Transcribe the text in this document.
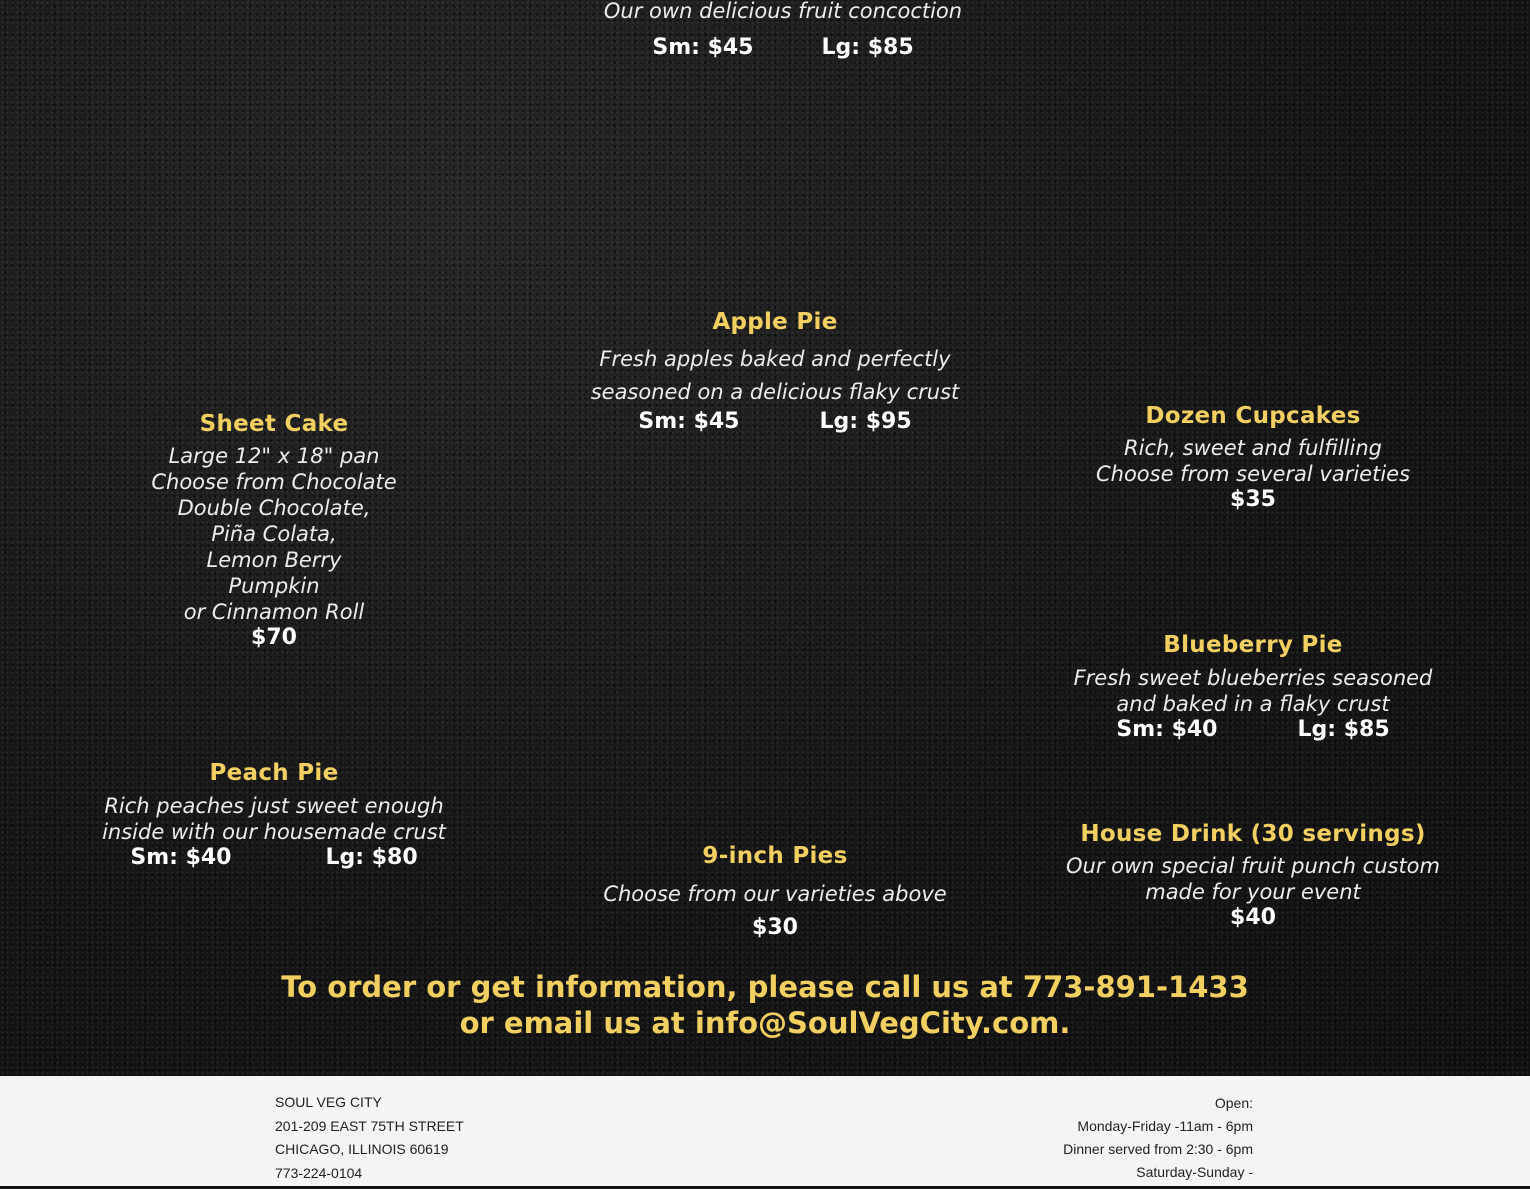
Our own delicious fruit concoction

Sm: $45	Lg: $85

Apple Pie

Fresh apples baked and perfectly

seasoned on a delicious flaky crust

Sm: $45	Lg: $95

Sheet Cake

Large 12" x 18" pan

Choose from Chocolate

Double Chocolate,

Piña Colata,

Lemon Berry

Pumpkin

or Cinnamon Roll

$70

Dozen Cupcakes

Rich, sweet and fulfilling

Choose from several varieties

$35

Blueberry Pie

Fresh sweet blueberries seasoned

and baked in a flaky crust

Sm: $40	Lg: $85

Peach Pie

Rich peaches just sweet enough

inside with our housemade crust

Sm: $40	Lg: $80	9-inch Pies

Choose from our varieties above

$30

House Drink (30 servings)

Our own special fruit punch custom

made for your event

$40

To order or get information, please call us at 773-891-1433
or email us at info@SoulVegCity.com.
SOUL VEG CITY
201-209 EAST 75TH STREET
CHICAGO, ILLINOIS 60619
773-224-0104
Open:
Monday-Friday -11am - 6pm
Dinner served from 2:30 - 6pm
Saturday-Sunday -
